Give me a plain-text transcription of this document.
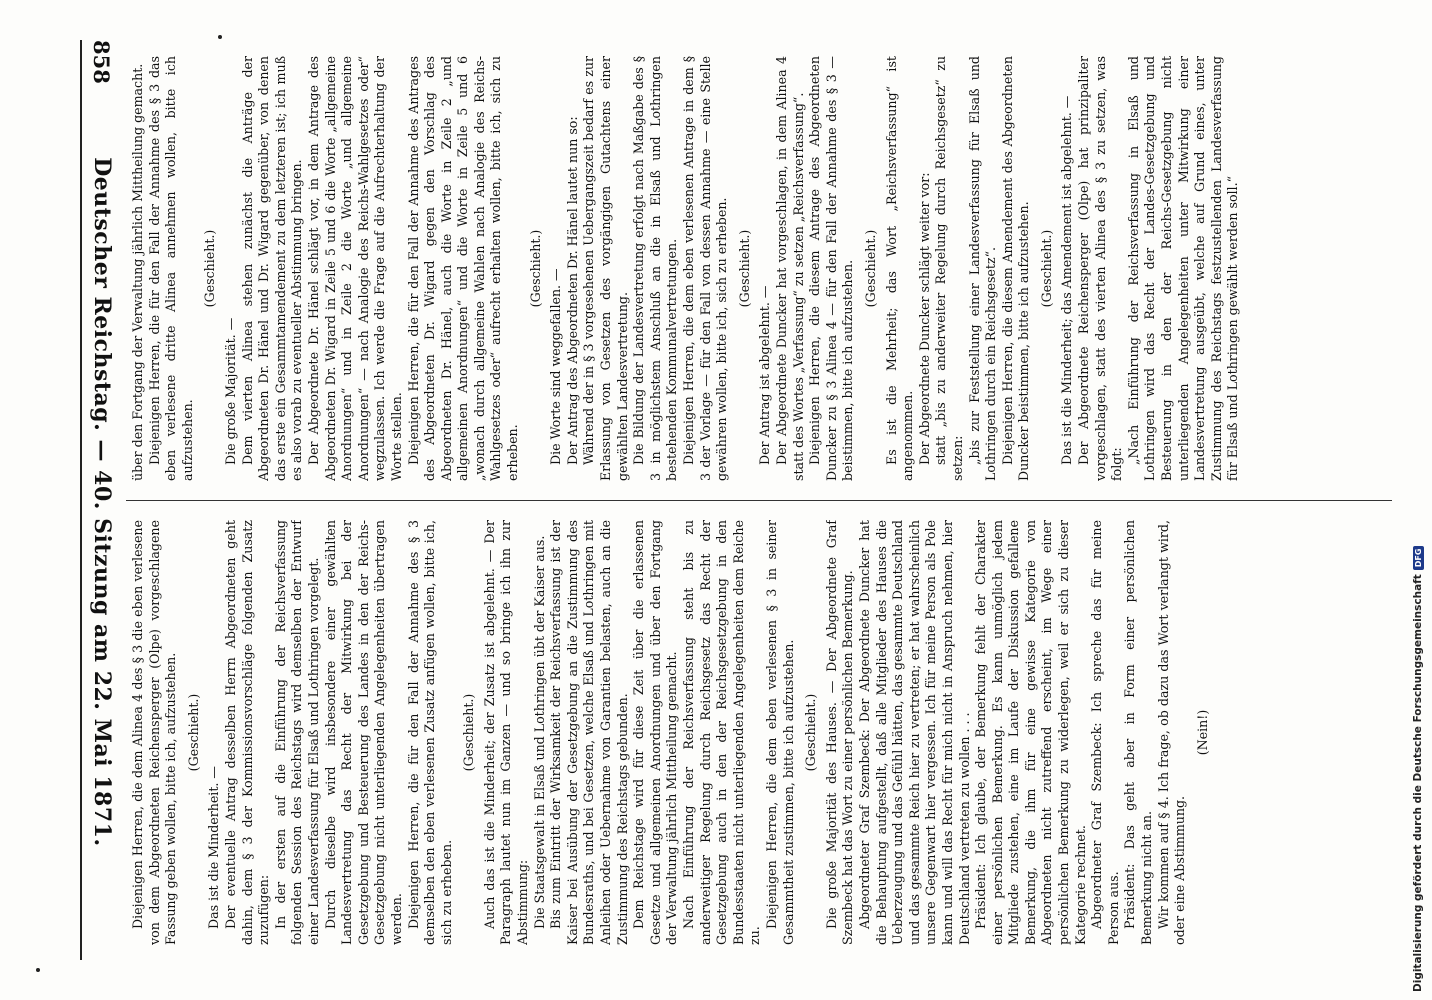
über den Fortgang der Verwaltung jährlich Mittheilung gemacht. Diejenigen Herren, die für den Fall der Annahme des § 3 das eben verlesene dritte Alinea annehmen wollen, bitte ich aufzustehen.

(Geschieht.)

Die große Majorität. — Dem vierten Alinea stehen zunächst die Anträge der Abgeordneten Dr. Hänel und Dr. Wigard gegenüber, von denen das erste ein Gesammtamendement zu dem letzteren ist; ich muß es also vorab zu eventueller Abstimmung bringen. Der Abgeordnete Dr. Hänel schlägt vor, in dem Antrage des Abgeordneten Dr. Wigard in Zeile 5 und 6 die Worte „allgemeine Anordnungen“ und in Zeile 2 die Worte „und allgemeine Anordnungen“ — nach Analogie des Reichs-Wahlgesetzes oder“ wegzulassen. Ich werde die Frage auf die Aufrechterhaltung der Worte stellen. Diejenigen Herren, die für den Fall der Annahme des Antrages des Abgeordneten Dr. Wigard gegen den Vorschlag des Abgeordneten Dr. Hänel, auch die Worte in Zeile 2 „und allgemeinen Anordnungen“ und die Worte in Zeile 5 und 6 „wonach durch allgemeine Wahlen nach Analogie des Reichs-Wahlgesetzes oder“ aufrecht erhalten wollen, bitte ich, sich zu erheben.

(Geschieht.) Die Worte sind weggefallen. — Der Antrag des Abgeordneten Dr. Hänel lautet nun so: Während der in § 3 vorgesehenen Uebergangszeit bedarf es zur Erlassung von Gesetzen des vorgängigen Gutachtens einer gewählten Landesvertretung. Die Bildung der Landesvertretung erfolgt nach Maßgabe des § 3 in möglichstem Anschluß an die in Elsaß und Lothringen bestehenden Kommunalvertretungen. Diejenigen Herren, die dem eben verlesenen Antrage in dem § 3 der Vorlage — für den Fall von dessen Annahme — eine Stelle gewähren wollen, bitte ich, sich zu erheben. (Geschieht.)

Der Antrag ist abgelehnt. — Der Abgeordnete Duncker hat vorgeschlagen, in dem Alinea 4 statt des Wortes „Verfassung“ zu setzen „Reichsverfassung“. Diejenigen Herren, die diesem Antrage des Abgeordneten Duncker zu § 3 Alinea 4 — für den Fall der Annahme des § 3 — beistimmen, bitte ich aufzustehen. (Geschieht.) Es ist die Mehrheit; das Wort „Reichsverfassung“ ist angenommen. Der Abgeordnete Duncker schlägt weiter vor: statt „bis zu anderweiter Regelung durch Reichsgesetz“ zu setzen: „bis zur Feststellung einer Landesverfassung für Elsaß und Lothringen durch ein Reichsgesetz“. Diejenigen Herren, die diesem Amendement des Abgeordneten Duncker beistimmen, bitte ich aufzustehen. (Geschieht.) Das ist die Minderheit; das Amendement ist abgelehnt. — Der Abgeordnete Reichensperger (Olpe) hat prinzipaliter vorgeschlagen, statt des vierten Alinea des § 3 zu setzen, was folgt: „Nach Einführung der Reichsverfassung in Elsaß und Lothringen wird das Recht der Landes-Gesetzgebung und Besteuerung in den der Reichs-Gesetzgebung nicht unterliegenden Angelegenheiten unter Mitwirkung einer Landesvertretung ausgeübt, welche auf Grund eines, unter Zustimmung des Reichstags festzustellenden Landesverfassung für Elsaß und Lothringen gewählt werden soll.“

Diejenigen Herren, die dem Alinea 4 des § 3 die eben verlesene von dem Abgeordneten Reichensperger (Olpe) vorgeschlagene Fassung geben wollen, bitte ich, aufzustehen. (Geschieht.)

Das ist die Minderheit. — Der eventuelle Antrag desselben Herrn Abgeordneten geht dahin, dem § 3 der Kommissionsvorschläge folgenden Zusatz zuzufügen: In der ersten auf die Einführung der Reichsverfassung folgenden Session des Reichstags wird demselben der Entwurf einer Landesverfassung für Elsaß und Lothringen vorgelegt. Durch dieselbe wird insbesondere einer gewählten Landesvertretung das Recht der Mitwirkung bei der Gesetzgebung und Besteuerung des Landes in den der Reichs-Gesetzgebung nicht unterliegenden Angelegenheiten übertragen werden. Diejenigen Herren, die für den Fall der Annahme des § 3 demselben den eben verlesenen Zusatz anfügen wollen, bitte ich, sich zu erheben.

(Geschieht.) Auch das ist die Minderheit; der Zusatz ist abgelehnt. — Der Paragraph lautet nun im Ganzen — und so bringe ich ihn zur Abstimmung: Die Staatsgewalt in Elsaß und Lothringen übt der Kaiser aus. Bis zum Eintritt der Wirksamkeit der Reichsverfassung ist der Kaiser bei Ausübung der Gesetzgebung an die Zustimmung des Bundesraths, und bei Gesetzen, welche Elsaß und Lothringen mit Anleihen oder Uebernahme von Garantien belasten, auch an die Zustimmung des Reichstags gebunden. Dem Reichstage wird für diese Zeit über die erlassenen Gesetze und allgemeinen Anordnungen und über den Fortgang der Verwaltung jährlich Mittheilung gemacht. Nach Einführung der Reichsverfassung steht bis zu anderweitiger Regelung durch Reichsgesetz das Recht der Gesetzgebung auch in den der Reichsgesetzgebung in den Bundesstaaten nicht unterliegenden Angelegenheiten dem Reiche zu.

Diejenigen Herren, die dem eben verlesenen § 3 in seiner Gesammtheit zustimmen, bitte ich aufzustehen. (Geschieht.) Die große Majorität des Hauses. — Der Abgeordnete Graf Szembeck hat das Wort zu einer persönlichen Bemerkung. Abgeordneter Graf Szembeck: Der Abgeordnete Duncker hat die Behauptung aufgestellt, daß alle Mitglieder des Hauses die Ueberzeugung und das Gefühl hätten, das gesammte Deutschland und das gesammte Reich hier zu vertreten; er hat wahrscheinlich unsere Gegenwart hier vergessen. Ich für meine Person als Pole kann und will das Recht für mich nicht in Anspruch nehmen, hier Deutschland vertreten zu wollen . . . Präsident: Ich glaube, der Bemerkung fehlt der Charakter einer persönlichen Bemerkung. Es kann unmöglich jedem Mitgliede zustehen, eine im Laufe der Diskussion gefallene Bemerkung, die ihm für eine gewisse Kategorie von Abgeordneten nicht zutreffend erscheint, im Wege einer persönlichen Bemerkung zu widerlegen, weil er sich zu dieser Kategorie rechnet. Abgeordneter Graf Szembeck: Ich spreche das für meine Person aus. Präsident: Das geht aber in Form einer persönlichen Bemerkung nicht an. Wir kommen auf § 4. Ich frage, ob dazu das Wort verlangt wird, oder eine Abstimmung.

(Nein!)

858
Deutscher Reichstag. — 40. Sitzung am 22. Mai 1871.	Digitalisierung gefördert durch die Deutsche ForschungsgemeinschaftDFG
